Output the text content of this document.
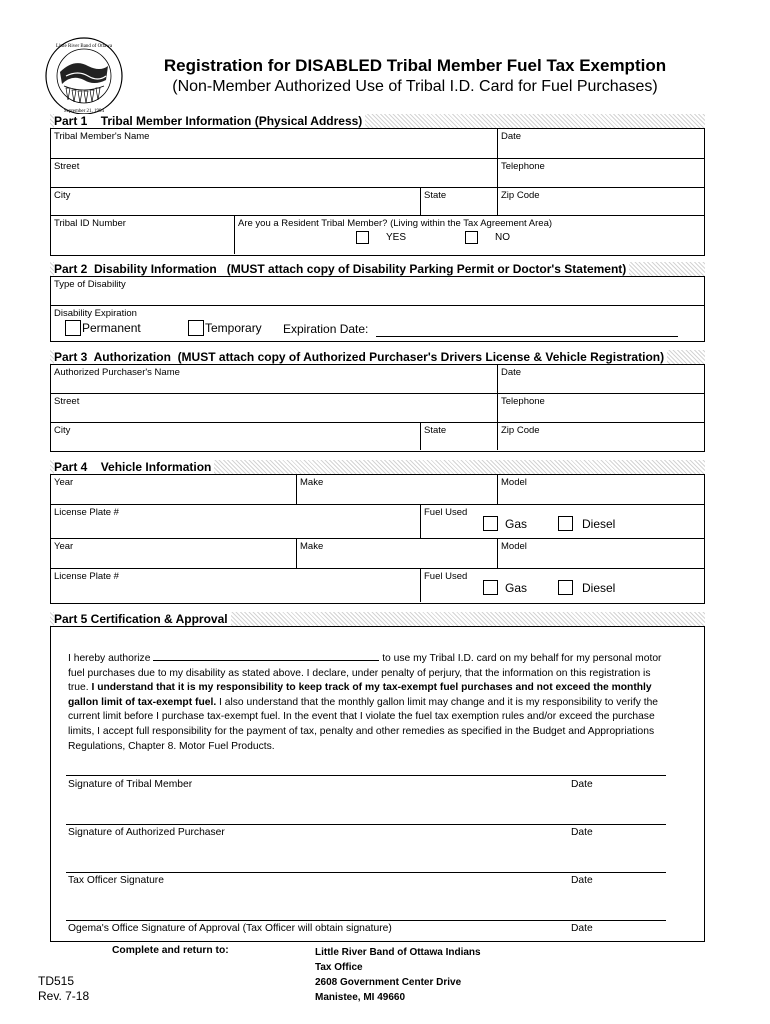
Little River Band of Ottawa
September 21, 1994
Registration for DISABLED Tribal Member Fuel Tax Exemption
(Non-Member Authorized Use of Tribal I.D. Card for Fuel Purchases)
Part 1    Tribal Member Information (Physical Address)
Tribal Member's Name	Date
Street	Telephone
City	State	Zip Code
Tribal ID Number	Are you a Resident Tribal Member? (Living within the Tax Agreement Area)
YES	NO
Part 2  Disability Information   (MUST attach copy of Disability Parking Permit or Doctor's Statement)
Type of Disability
Disability Expiration
Permanent	Temporary Expiration Date:
Part 3  Authorization  (MUST attach copy of Authorized Purchaser's Drivers License & Vehicle Registration)
Authorized Purchaser's Name	Date
Street	Telephone
City	State	Zip Code
Part 4    Vehicle Information
Year	Make	Model
License Plate #	Fuel Used
Gas	Diesel
Year	Make	Model
License Plate #	Fuel Used
Gas	Diesel
Part 5 Certification & Approval
I hereby authorize	to use my Tribal I.D. card on my behalf for my personal motor fuel purchases due to my disability as stated above. I declare, under penalty of perjury, that the information on this registration is true. I understand that it is my responsibility to keep track of my tax-exempt fuel purchases and not exceed the monthly gallon limit of tax-exempt fuel. I also understand that the monthly gallon limit may change and it is my responsibility to verify the current limit before I purchase tax-exempt fuel. In the event that I violate the fuel tax exemption rules and/or exceed the purchase limits, I accept full responsibility for the payment of tax, penalty and other remedies as specified in the Budget and Appropriations Regulations, Chapter 8. Motor Fuel Products.
Signature of Tribal Member	Date
Signature of Authorized Purchaser	Date
Tax Officer Signature	Date
Ogema's Office Signature of Approval (Tax Officer will obtain signature)	Date
Complete and return to:	Little River Band of Ottawa Indians
Tax Office
2608 Government Center Drive
Manistee, MI 49660
TD515
Rev. 7-18
